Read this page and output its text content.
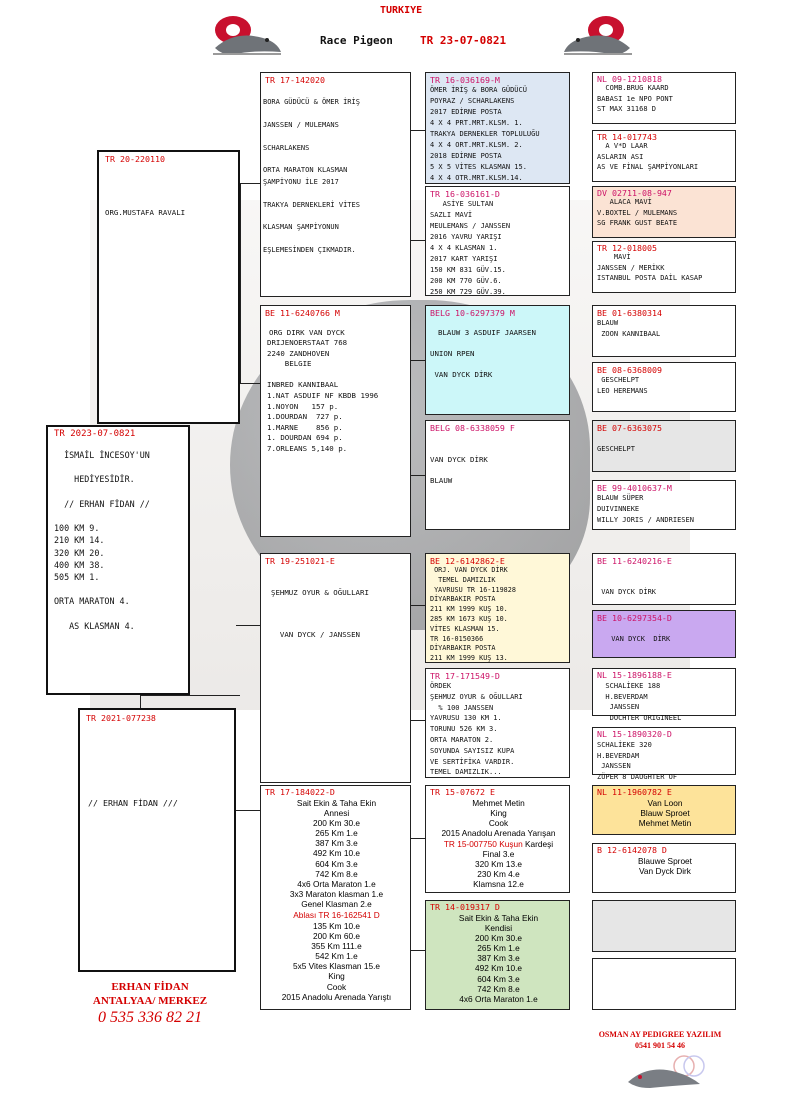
TURKIYE
Race Pigeon TR 23-07-0821
TR 20-220110
ORG.MUSTAFA RAVALI
TR 2023-07-0821
İSMAİL İNCESOY'UN

HEDİYESİDİR.

// ERHAN FİDAN //

100 KM 9.
210 KM 14.
320 KM 20.
400 KM 38.
505 KM 1.

ORTA MARATON 4.

AS KLASMAN 4.
TR 2021-077238
// ERHAN FİDAN ///
TR 17-142020
BORA GÜDÜCÜ & ÖMER İRİŞ

JANSSEN / MULEMANS

SCHARLAKENS

ORTA MARATON KLASMAN
ŞAMPİYONU İLE 2017

TRAKYA DERNEKLERİ VİTES

KLASMAN ŞAMPİYONUN

EŞLEMESİNDEN ÇIKMADIR.
BE 11-6240766 M
ORG DIRK VAN DYCK
DRIJENOERSTAAT 768
2240 ZANDHOVEN
BELGIE

INBRED KANNIBAAL
1.NAT ASDUIF NF KBDB 1996
1.NOYON   157 p.
1.DOURDAN  727 p.
1.MARNE    856 p.
1. DOURDAN 694 p.
7.ORLEANS 5,140 p.
TR 19-251021-E
ŞEHMUZ OYUR & OĞULLARI

VAN DYCK / JANSSEN
TR 17-184022-D
Sait Ekin & Taha Ekin
Annesi
200 Km 30.e
265 Km 1.e
387 Km 3.e
492 Km 10.e
604 Km 3.e
742 Km 8.e
4x6 Orta Maraton 1.e
3x3 Maraton klasman 1.e
Genel Klasman 2.e
Ablası TR 16-162541 D
135 Km 10.e
200 Km 60.e
355 Km 111.e
542 Km 1.e
5x5 Vites Klasman 15.e
King
Cook
2015 Anadolu Arenada Yarıştı
TR 16-036169-M
ÖMER İRİŞ & BORA GÜDÜCÜ
POYRAZ / SCHARLAKENS
2017 EDİRNE POSTA
4 X 4 PRT.MRT.KLSM. 1.
TRAKYA DERNEKLER TOPLULUĞU
4 X 4 ORT.MRT.KLSM. 2.
2018 EDİRNE POSTA
5 X 5 VİTES KLASMAN 15.
4 X 4 OTR.MRT.KLSM.14.
TR 16-036161-D
ASİYE SULTAN
SAZLI MAVİ
MEULEMANS / JANSSEN
2016 YAVRU YARIŞI
4 X 4 KLASMAN 1.
2017 KART YARIŞI
150 KM 831 GÜV.15.
200 KM 770 GÜV.6.
250 KM 729 GÜV.39.
BELG 10-6297379 M
BLAUW 3 ASDUIF JAARSEN
UNION RPEN

VAN DYCK DİRK
BELG 08-6338059 F
VAN DYCK DİRK
BLAUW
BE 12-6142862-E
ORJ. VAN DYCK DİRK
TEMEL DAMIZLIK
YAVRUSU TR 16-119828
DİYARBAKIR POSTA
211 KM 1999 KUŞ 10.
285 KM 1673 KUŞ 10.
VİTES KLASMAN 15.
TR 16-0150366
DİYARBAKIR POSTA
211 KM 1999 KUŞ 13.
TR 17-171549-D
ÖRDEK
ŞEHMUZ OYUR & OĞULLARI
% 100 JANSSEN
YAVRUSU 130 KM 1.
TORUNU 526 KM 3.
ORTA MARATON 2.
SOYUNDA SAYISIZ KUPA
VE SERTİFİKA VARDIR.
TEMEL DAMIZLIK...
TR 15-07672 E
Mehmet Metin
King
Cook
2015 Anadolu Arenada Yarışan
TR 15-007750 Kuşun Kardeşi
Final 3.e
320 Km 13.e
230 Km 4.e
Klamsna 12.e
TR 14-019317 D
Sait Ekin & Taha Ekin
Kendisi
200 Km 30.e
265 Km 1.e
387 Km 3.e
492 Km 10.e
604 Km 3.e
742 Km 8.e
4x6 Orta Maraton 1.e
NL 09-1210818
COMB.BRUG KAARD
BABASI 1e NPO PONT
ST MAX 31168 D
TR 14-017743
A V*D LAAR
ASLARIN ASI
AS VE FİNAL ŞAMPİYONLARI
DV 02711-08-947
ALACA MAVİ
V.BOXTEL / MULEMANS
SG FRANK GUST BEATE
TR 12-018005
MAVİ
JANSSEN / MERİKK
ISTANBUL POSTA DAİL KASAP
BE 01-6380314
BLAUW
ZOON KANNIBAAL
BE 08-6368009
GESCHELPT
LEO HEREMANS
BE 07-6363075

GESCHELPT
BE 99-4010637-M
BLAUW SÜPER
DUIVINNEKE
WILLY JORIS / ANDRIESEN
BE 11-6240216-E

VAN DYCK DİRK
BE 10-6297354-D

VAN DYCK  DİRK
NL 15-1896188-E
SCHALİEKE 188
H.BEVERDAM
JANSSEN
DOCHTER ORIGINEEL
NL 15-1890320-D
SCHALİEKE 320
H.BEVERDAM
JANSSEN
ZÜPER 8 DAUGHTER OF
NL 11-1960782 E
Van Loon
Blauw Sproet
Mehmet Metin
B 12-6142078 D
Blauwe Sproet
Van Dyck Dirk
ERHAN FİDAN
ANTALYAA/ MERKEZ
0 535 336 82 21
OSMAN AY PEDIGREE YAZILIM
0541 901 54 46
